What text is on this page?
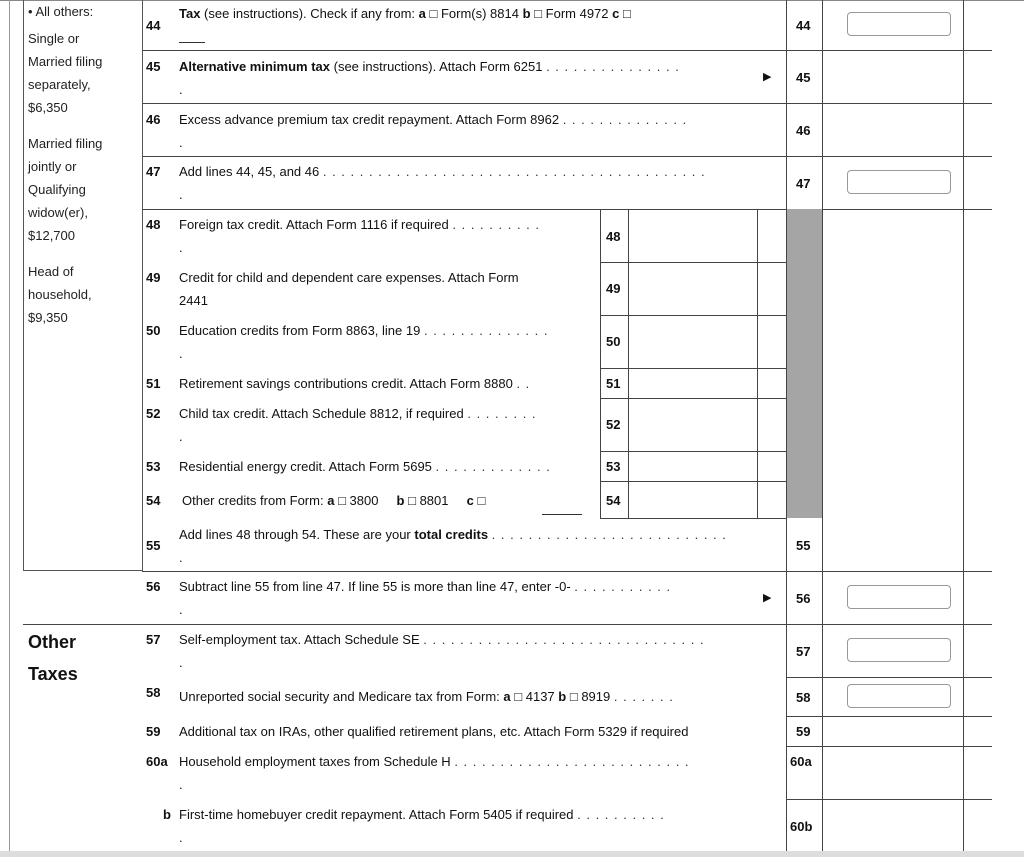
• All others:
Single or
Married filing
separately,
$6,350
Married filing
jointly or
Qualifying
widow(er),
$12,700
Head of
household,
$9,350
Other
Taxes
44
Tax (see instructions). Check if any from: a □ Form(s) 8814 b □ Form 4972 c □
44
45 Alternative minimum tax (see instructions). Attach Form 6251 . . . . . . . . . . . . . . .
.
▶ 45
46 Excess advance premium tax credit repayment. Attach Form 8962 . . . . . . . . . . . . . .
.
46
47 Add lines 44, 45, and 46 . . . . . . . . . . . . . . . . . . . . . . . . . . . . . . . . . . . . . . . . . .
.
47
48 Foreign tax credit. Attach Form 1116 if required . . . . . . . . . .
.
48
49 Credit for child and dependent care expenses. Attach Form
2441
49
50 Education credits from Form 8863, line 19 . . . . . . . . . . . . . .
.
50
51 Retirement savings contributions credit. Attach Form 8880 . .	51
52 Child tax credit. Attach Schedule 8812, if required . . . . . . . .
.
52
53 Residential energy credit. Attach Form 5695 . . . . . . . . . . . . .	53
54 Other credits from Form: a □ 3800 b □ 8801 c □	54
55
Add lines 48 through 54. These are your total credits . . . . . . . . . . . . . . . . . . . . . . . . . .
.
55
56 Subtract line 55 from line 47. If line 55 is more than line 47, enter -0- . . . . . . . . . . .
.
▶ 56
57 Self-employment tax. Attach Schedule SE . . . . . . . . . . . . . . . . . . . . . . . . . . . . . . .
.
57
58 Unreported social security and Medicare tax from Form: a □ 4137 b □ 8919 . . . . . . .	58
59 Additional tax on IRAs, other qualified retirement plans, etc. Attach Form 5329 if required	59
60a Household employment taxes from Schedule H . . . . . . . . . . . . . . . . . . . . . . . . . .
.
60a
b First-time homebuyer credit repayment. Attach Form 5405 if required . . . . . . . . . .
.
60b
